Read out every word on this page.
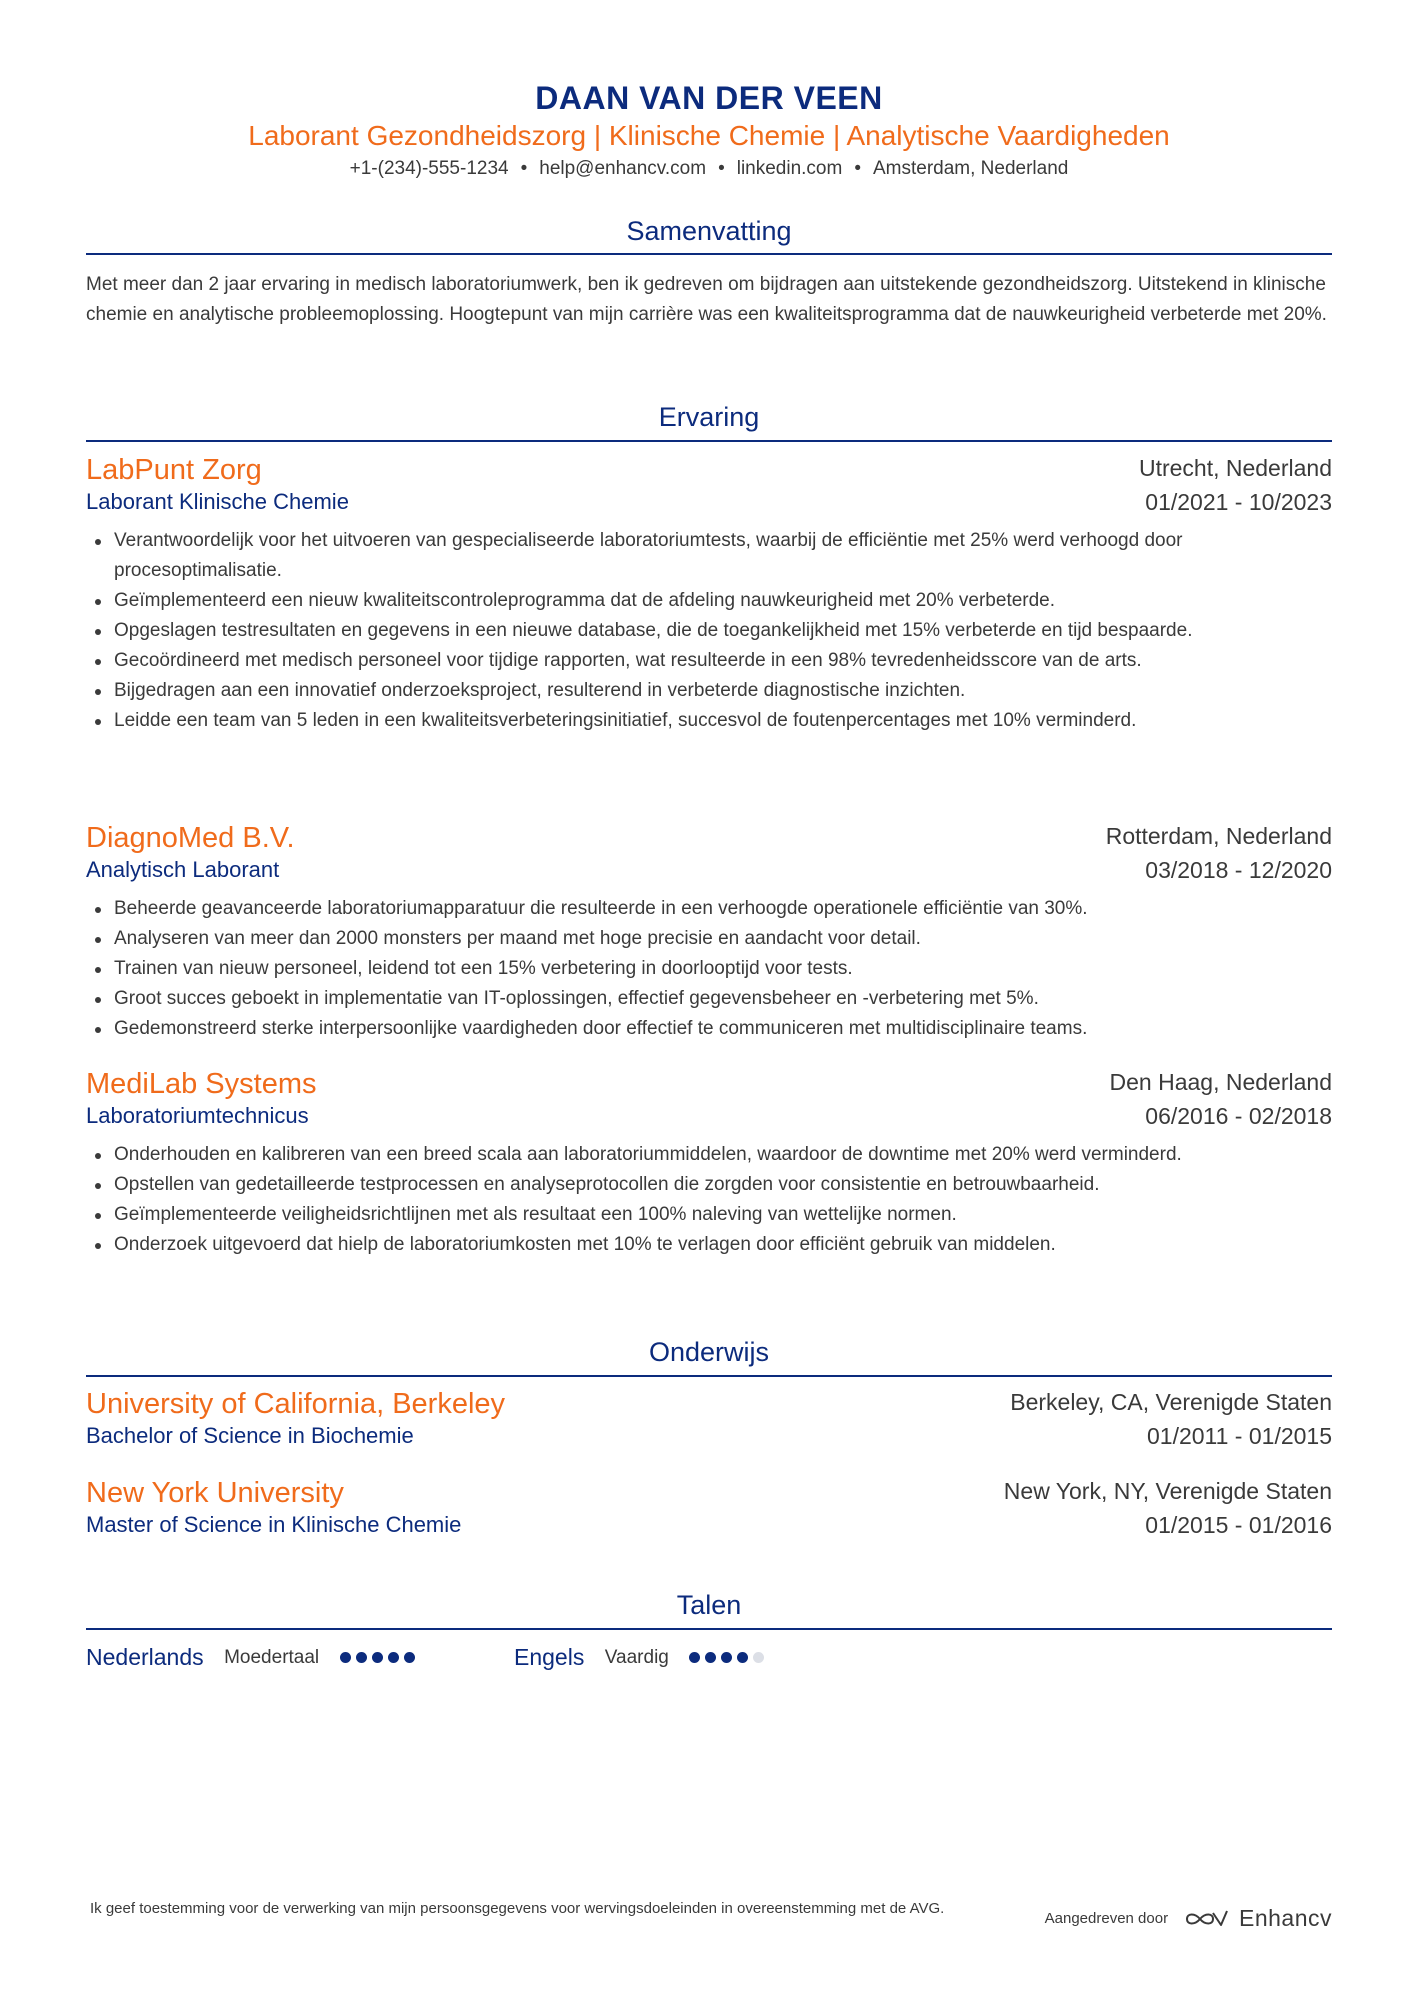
DAAN VAN DER VEEN
Laborant Gezondheidszorg | Klinische Chemie | Analytische Vaardigheden
+1-(234)-555-1234 • help@enhancv.com • linkedin.com • Amsterdam, Nederland
Samenvatting

Met meer dan 2 jaar ervaring in medisch laboratoriumwerk, ben ik gedreven om bijdragen aan uitstekende gezondheidszorg. Uitstekend in klinische chemie en analytische probleemoplossing. Hoogtepunt van mijn carrière was een kwaliteitsprogramma dat de nauwkeurigheid verbeterde met 20%.

Ervaring
LabPunt Zorg	Utrecht, Nederland
Laborant Klinische Chemie	01/2021 - 10/2023
Verantwoordelijk voor het uitvoeren van gespecialiseerde laboratoriumtests, waarbij de efficiëntie met 25% werd verhoogd door procesoptimalisatie.
Geïmplementeerd een nieuw kwaliteitscontroleprogramma dat de afdeling nauwkeurigheid met 20% verbeterde.
Opgeslagen testresultaten en gegevens in een nieuwe database, die de toegankelijkheid met 15% verbeterde en tijd bespaarde.
Gecoördineerd met medisch personeel voor tijdige rapporten, wat resulteerde in een 98% tevredenheidsscore van de arts.
Bijgedragen aan een innovatief onderzoeksproject, resulterend in verbeterde diagnostische inzichten.
Leidde een team van 5 leden in een kwaliteitsverbeteringsinitiatief, succesvol de foutenpercentages met 10% verminderd.
DiagnoMed B.V.	Rotterdam, Nederland
Analytisch Laborant	03/2018 - 12/2020
Beheerde geavanceerde laboratoriumapparatuur die resulteerde in een verhoogde operationele efficiëntie van 30%.
Analyseren van meer dan 2000 monsters per maand met hoge precisie en aandacht voor detail.
Trainen van nieuw personeel, leidend tot een 15% verbetering in doorlooptijd voor tests.
Groot succes geboekt in implementatie van IT-oplossingen, effectief gegevensbeheer en -verbetering met 5%.
Gedemonstreerd sterke interpersoonlijke vaardigheden door effectief te communiceren met multidisciplinaire teams.
MediLab Systems	Den Haag, Nederland
Laboratoriumtechnicus	06/2016 - 02/2018
Onderhouden en kalibreren van een breed scala aan laboratoriummiddelen, waardoor de downtime met 20% werd verminderd.
Opstellen van gedetailleerde testprocessen en analyseprotocollen die zorgden voor consistentie en betrouwbaarheid.
Geïmplementeerde veiligheidsrichtlijnen met als resultaat een 100% naleving van wettelijke normen.
Onderzoek uitgevoerd dat hielp de laboratoriumkosten met 10% te verlagen door efficiënt gebruik van middelen.
Onderwijs
University of California, Berkeley	Berkeley, CA, Verenigde Staten
Bachelor of Science in Biochemie	01/2011 - 01/2015
New York University	New York, NY, Verenigde Staten
Master of Science in Klinische Chemie	01/2015 - 01/2016
Talen
Nederlands Moedertaal	Engels Vaardig
Ik geef toestemming voor de verwerking van mijn persoonsgegevens voor wervingsdoeleinden in overeenstemming met de AVG.
Aangedreven door	Enhancv
